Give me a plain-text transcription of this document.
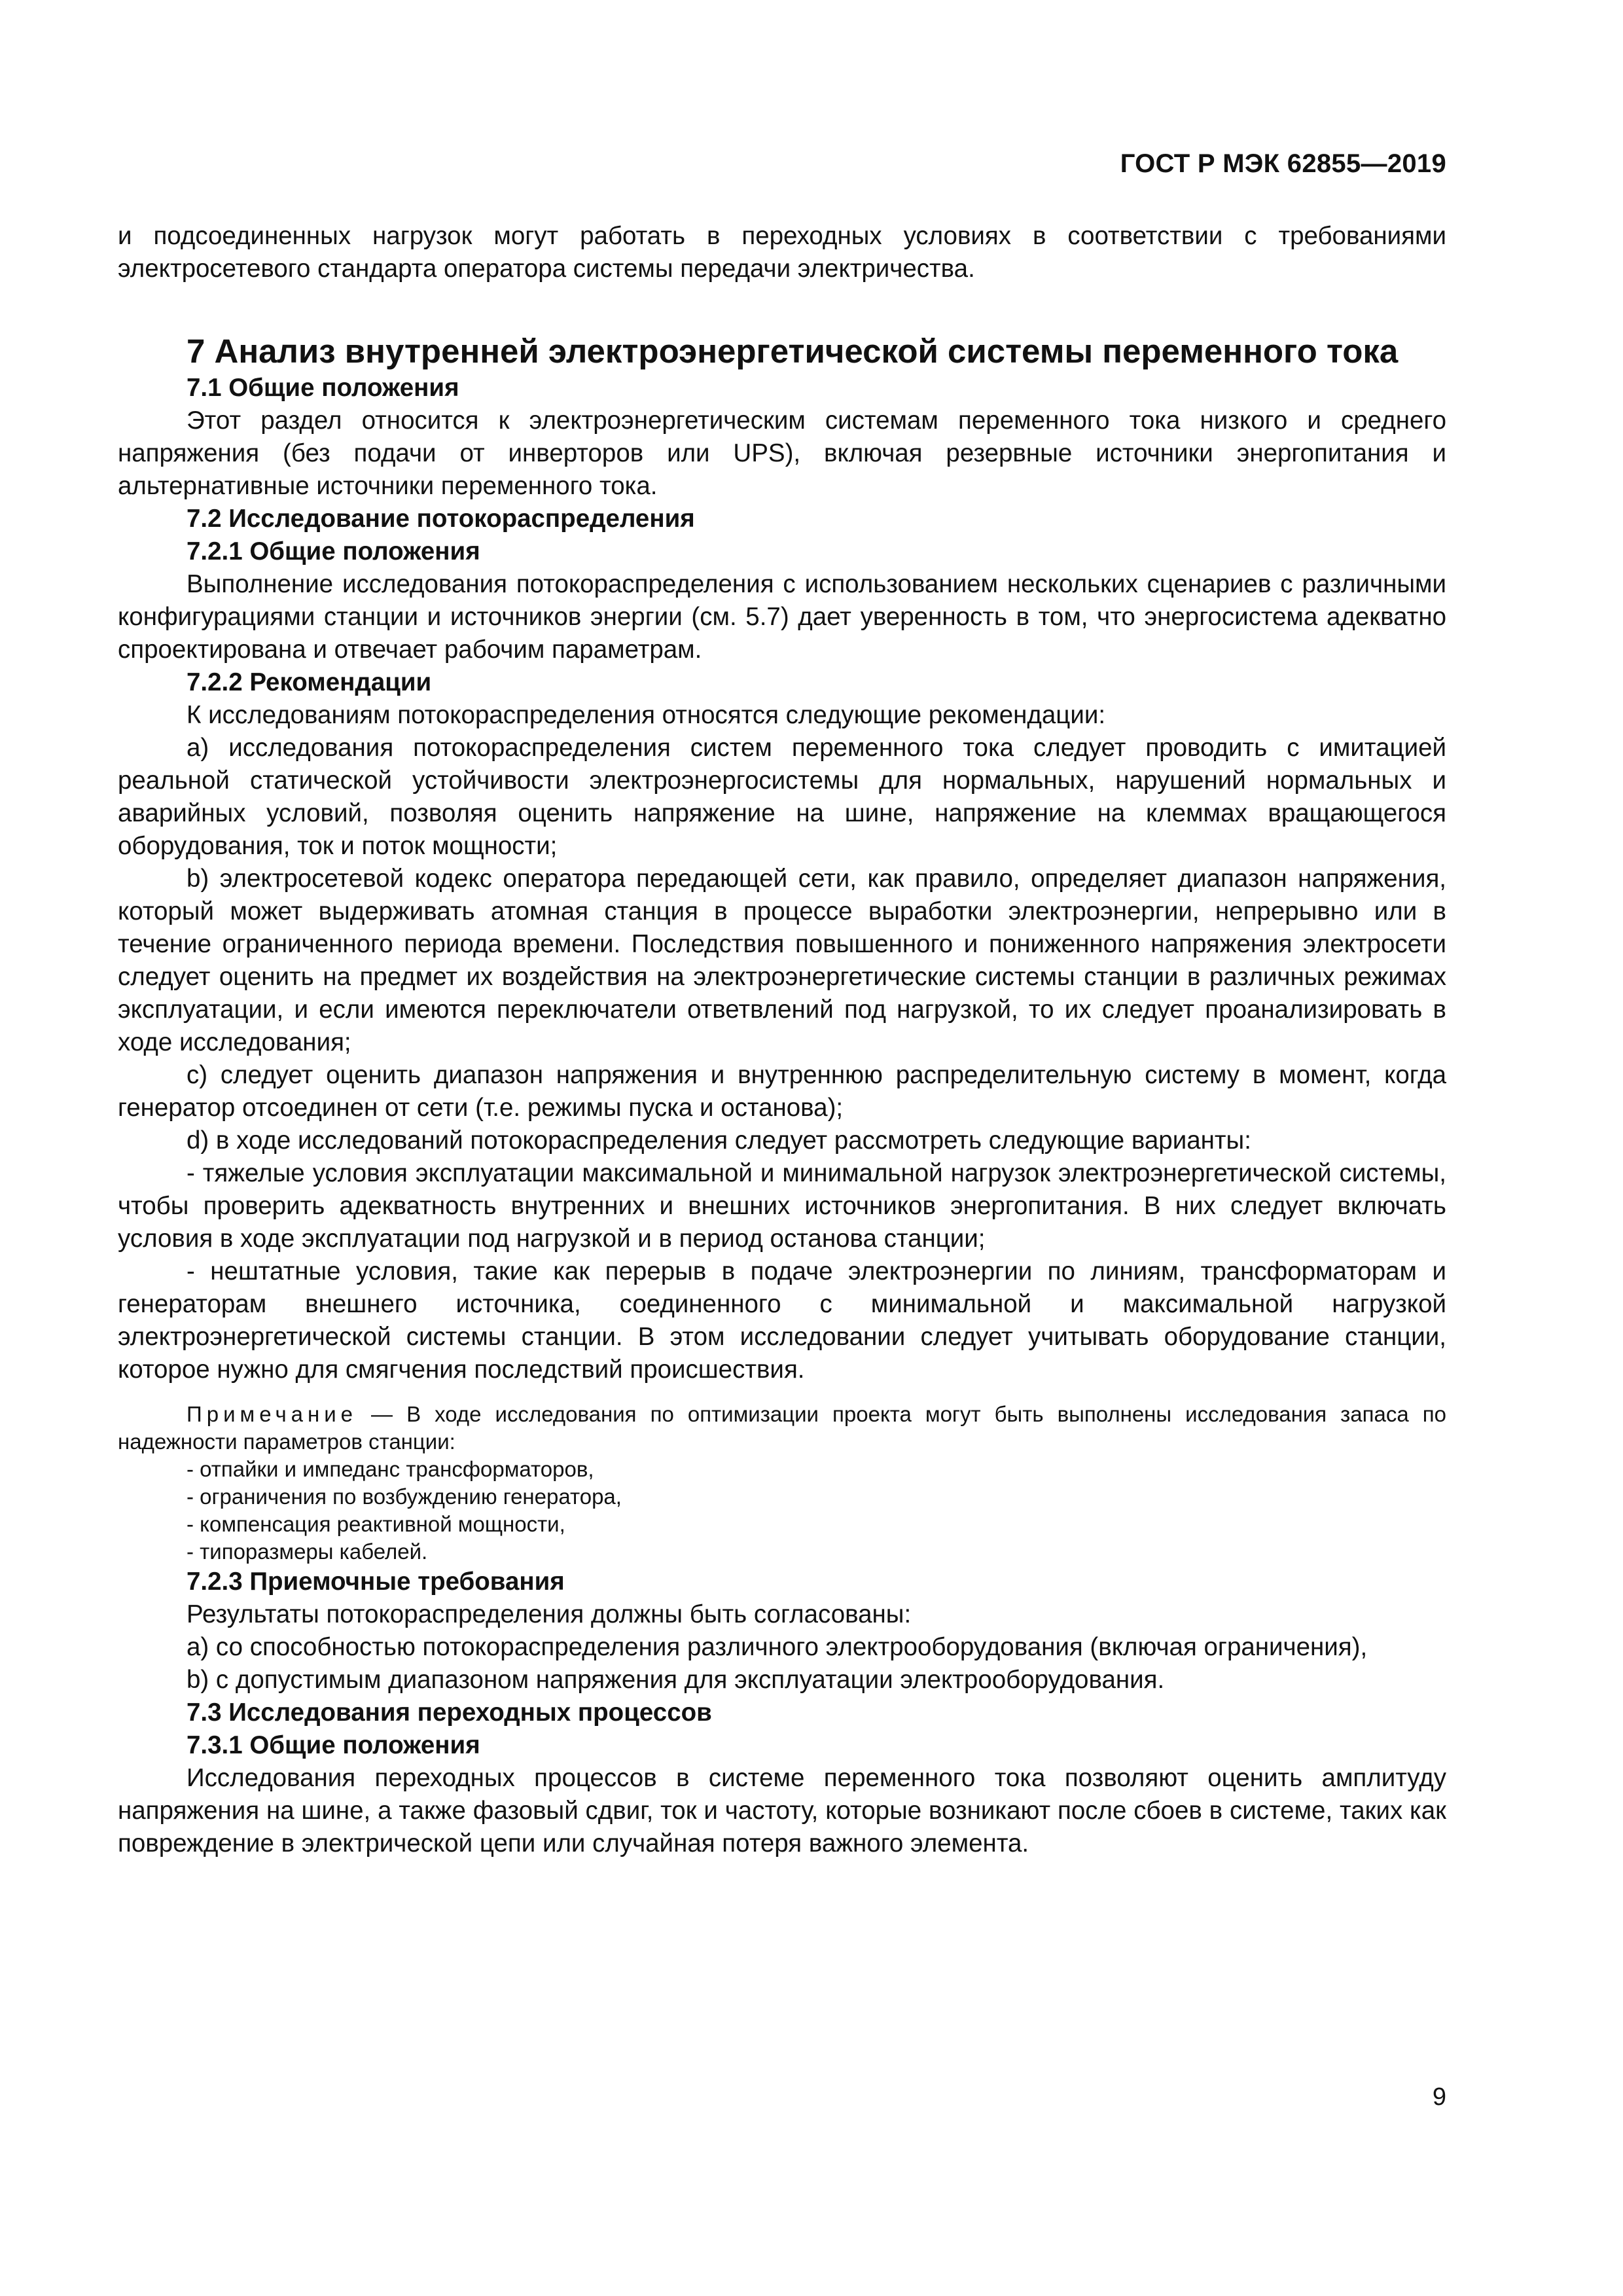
ГОСТ Р МЭК 62855—2019

и подсоединенных нагрузок могут работать в переходных условиях в соответствии с требованиями электросетевого стандарта оператора системы передачи электричества.

7 Анализ внутренней электроэнергетической системы переменного тока
7.1 Общие положения

Этот раздел относится к электроэнергетическим системам переменного тока низкого и среднего напряжения (без подачи от инверторов или UPS), включая резервные источники энергопитания и альтернативные источники переменного тока.

7.2 Исследование потокораспределения
7.2.1 Общие положения

Выполнение исследования потокораспределения с использованием нескольких сценариев с различными конфигурациями станции и источников энергии (см. 5.7) дает уверенность в том, что энергосистема адекватно спроектирована и отвечает рабочим параметрам.

7.2.2 Рекомендации

К исследованиям потокораспределения относятся следующие рекомендации:

a) исследования потокораспределения систем переменного тока следует проводить с имитацией реальной статической устойчивости электроэнергосистемы для нормальных, нарушений нормальных и аварийных условий, позволяя оценить напряжение на шине, напряжение на клеммах вращающегося оборудования, ток и поток мощности;

b) электросетевой кодекс оператора передающей сети, как правило, определяет диапазон напряжения, который может выдерживать атомная станция в процессе выработки электроэнергии, непрерывно или в течение ограниченного периода времени. Последствия повышенного и пониженного напряжения электросети следует оценить на предмет их воздействия на электроэнергетические системы станции в различных режимах эксплуатации, и если имеются переключатели ответвлений под нагрузкой, то их следует проанализировать в ходе исследования;

c) следует оценить диапазон напряжения и внутреннюю распределительную систему в момент, когда генератор отсоединен от сети (т.е. режимы пуска и останова);

d) в ходе исследований потокораспределения следует рассмотреть следующие варианты:

- тяжелые условия эксплуатации максимальной и минимальной нагрузок электроэнергетической системы, чтобы проверить адекватность внутренних и внешних источников энергопитания. В них следует включать условия в ходе эксплуатации под нагрузкой и в период останова станции;

- нештатные условия, такие как перерыв в подаче электроэнергии по линиям, трансформаторам и генераторам внешнего источника, соединенного с минимальной и максимальной нагрузкой электроэнергетической системы станции. В этом исследовании следует учитывать оборудование станции, которое нужно для смягчения последствий происшествия.

Примечание — В ходе исследования по оптимизации проекта могут быть выполнены исследования запаса по надежности параметров станции:

- отпайки и импеданс трансформаторов,

- ограничения по возбуждению генератора,

- компенсация реактивной мощности,

- типоразмеры кабелей.

7.2.3 Приемочные требования

Результаты потокораспределения должны быть согласованы:

a) со способностью потокораспределения различного электрооборудования (включая ограничения),

b) с допустимым диапазоном напряжения для эксплуатации электрооборудования.

7.3 Исследования переходных процессов
7.3.1 Общие положения

Исследования переходных процессов в системе переменного тока позволяют оценить амплитуду напряжения на шине, а также фазовый сдвиг, ток и частоту, которые возникают после сбоев в системе, таких как повреждение в электрической цепи или случайная потеря важного элемента.

9
